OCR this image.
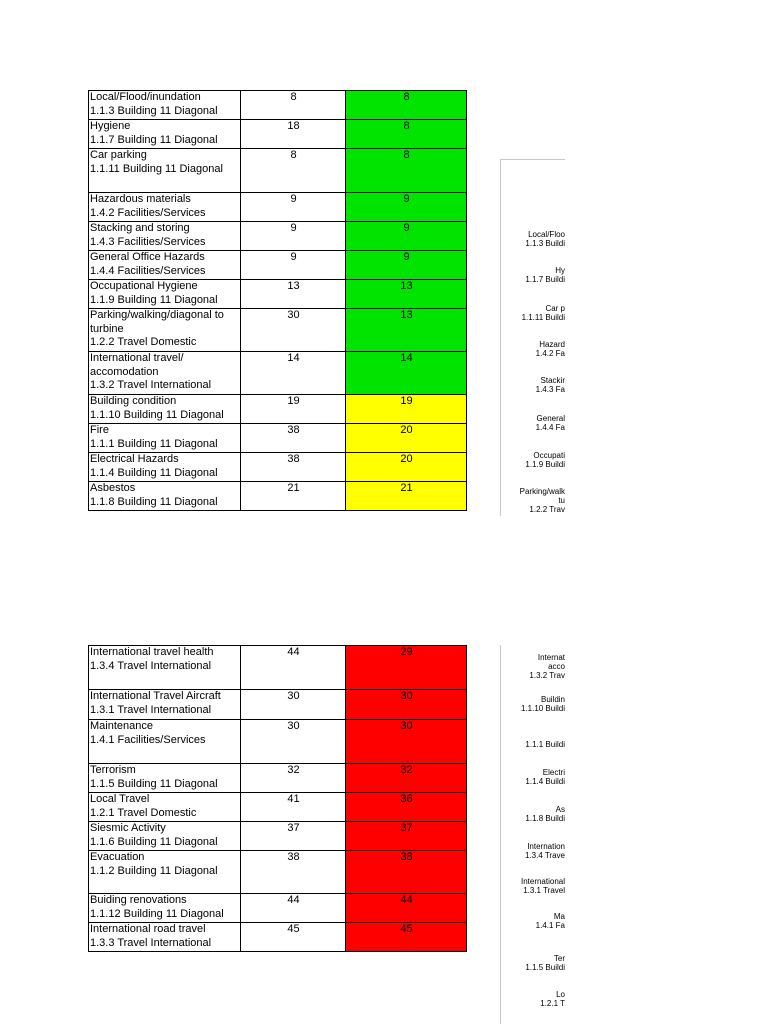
Local/Flood/inundation
1.1.3 Building 11 Diagonal	8	8

Hygiene
1.1.7 Building 11 Diagonal	18	8

Car parking
1.1.11 Building 11 Diagonal	8	8

Hazardous materials
1.4.2 Facilities/Services	9	9

Stacking and storing
1.4.3 Facilities/Services	9	9

General Office Hazards
1.4.4 Facilities/Services	9	9

Occupational Hygiene
1.1.9 Building 11 Diagonal	13	13

Parking/walking/diagonal to
turbine
1.2.2 Travel Domestic	30	13

International travel/
accomodation
1.3.2 Travel International	14	14

Building condition
1.1.10 Building 11 Diagonal	19	19

Fire
1.1.1 Building 11 Diagonal	38	20

Electrical Hazards
1.1.4 Building 11 Diagonal	38	20

Asbestos
1.1.8 Building 11 Diagonal	21	21
International travel health
1.3.4 Travel International	44	29

International Travel Aircraft
1.3.1 Travel International	30	30

Maintenance
1.4.1 Facilities/Services	30	30

Terrorism
1.1.5 Building 11 Diagonal	32	32

Local Travel
1.2.1 Travel Domestic	41	36

Siesmic Activity
1.1.6 Building 11 Diagonal	37	37

Evacuation
1.1.2 Building 11 Diagonal	38	38

Buiding renovations
1.1.12 Building 11 Diagonal	44	44

International road travel
1.3.3 Travel International	45	45
Local/Floo
1.1.3 Buildi
Hy
1.1.7 Buildi
Car p
1.1.11 Buildi
Hazard
1.4.2 Fa
Stackir
1.4.3 Fa
General
1.4.4 Fa
Occupati
1.1.9 Buildi
Parking/walk
tu
1.2.2 Trav
Internat
acco
1.3.2 Trav
Buildin
1.1.10 Buildi
1.1.1 Buildi
Electri
1.1.4 Buildi
As
1.1.8 Buildi
Internation
1.3.4 Trave
International
1.3.1 Travel
Ma
1.4.1 Fa
Ter
1.1.5 Buildi
Lo
1.2.1 T
